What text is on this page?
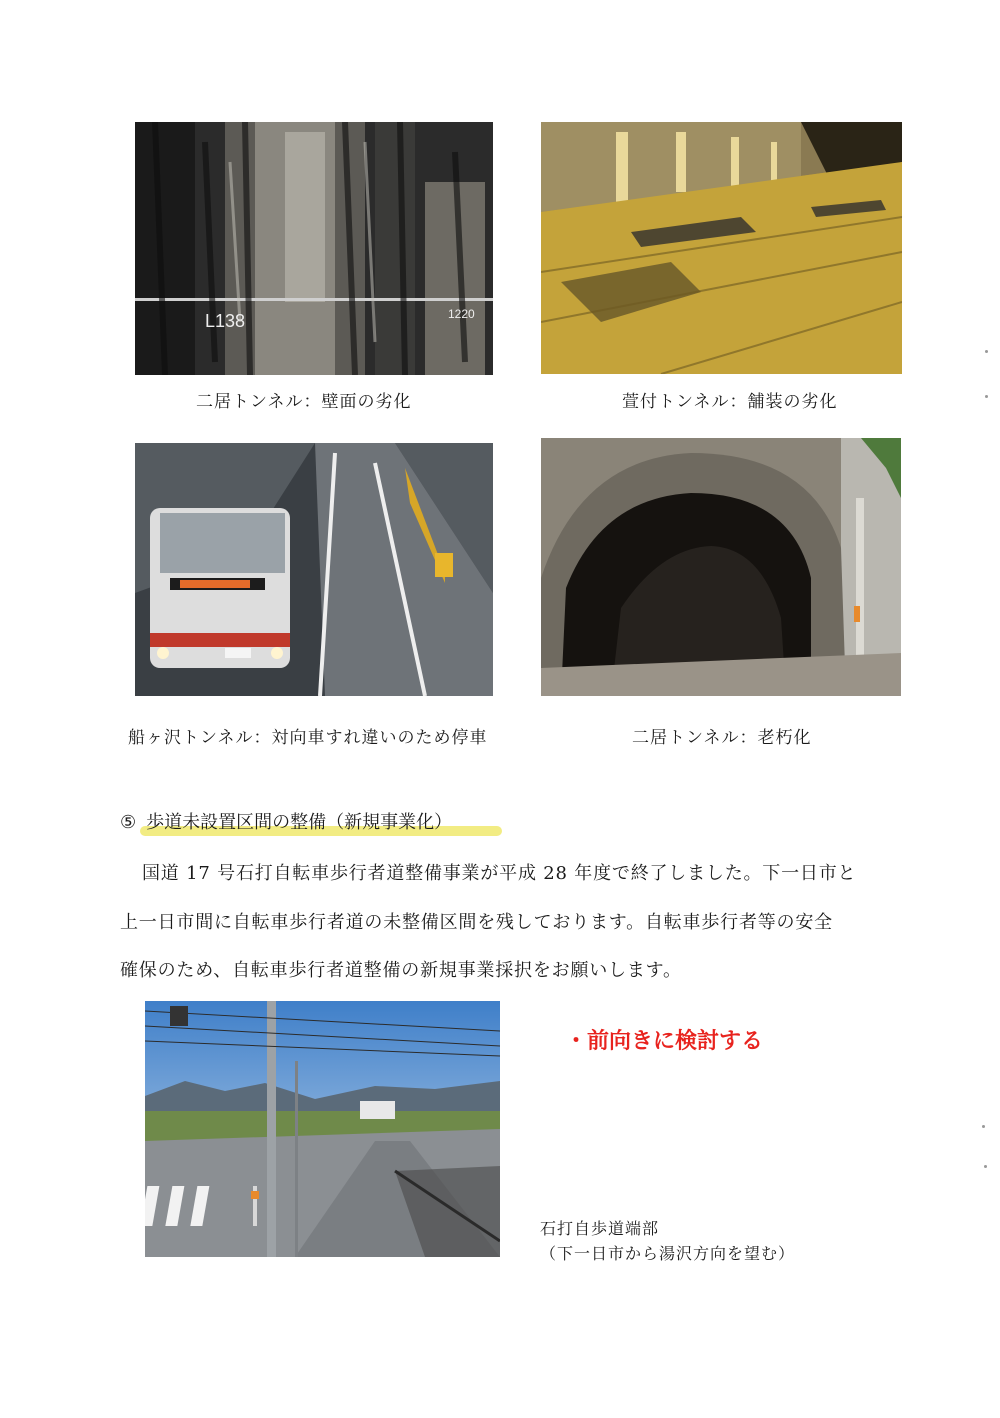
L138	1220
二居トンネル：壁面の劣化	萱付トンネル：舗装の劣化
船ヶ沢トンネル：対向車すれ違いのため停車	二居トンネル：老朽化
⑤ 歩道未設置区間の整備（新規事業化）
国道 17 号石打自転車歩行者道整備事業が平成 28 年度で終了しました。下一日市と
上一日市間に自転車歩行者道の未整備区間を残しております。自転車歩行者等の安全
確保のため、自転車歩行者道整備の新規事業採択をお願いします。
・前向きに検討する
石打自歩道端部
（下一日市から湯沢方向を望む）
